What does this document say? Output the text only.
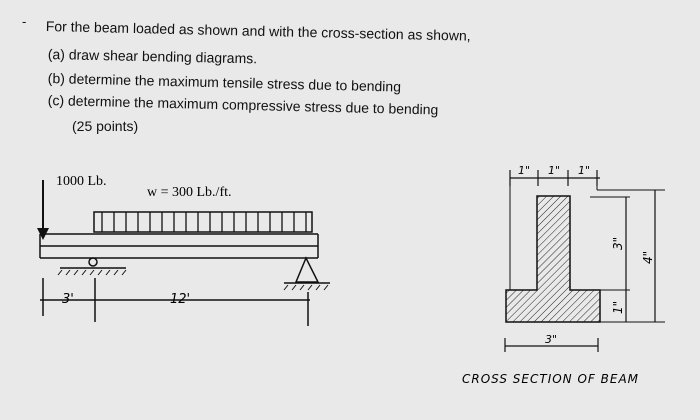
- For the beam loaded as shown and with the cross-section as shown,
(a) draw shear bending diagrams.
(b) determine the maximum tensile stress due to bending
(c) determine the maximum compressive stress due to bending
(25 points)
1000 Lb.
w = 300 Lb./ft.
3'	12'
1" 1" 1"
3"
4"
1"
3"
CROSS SECTION OF BEAM
